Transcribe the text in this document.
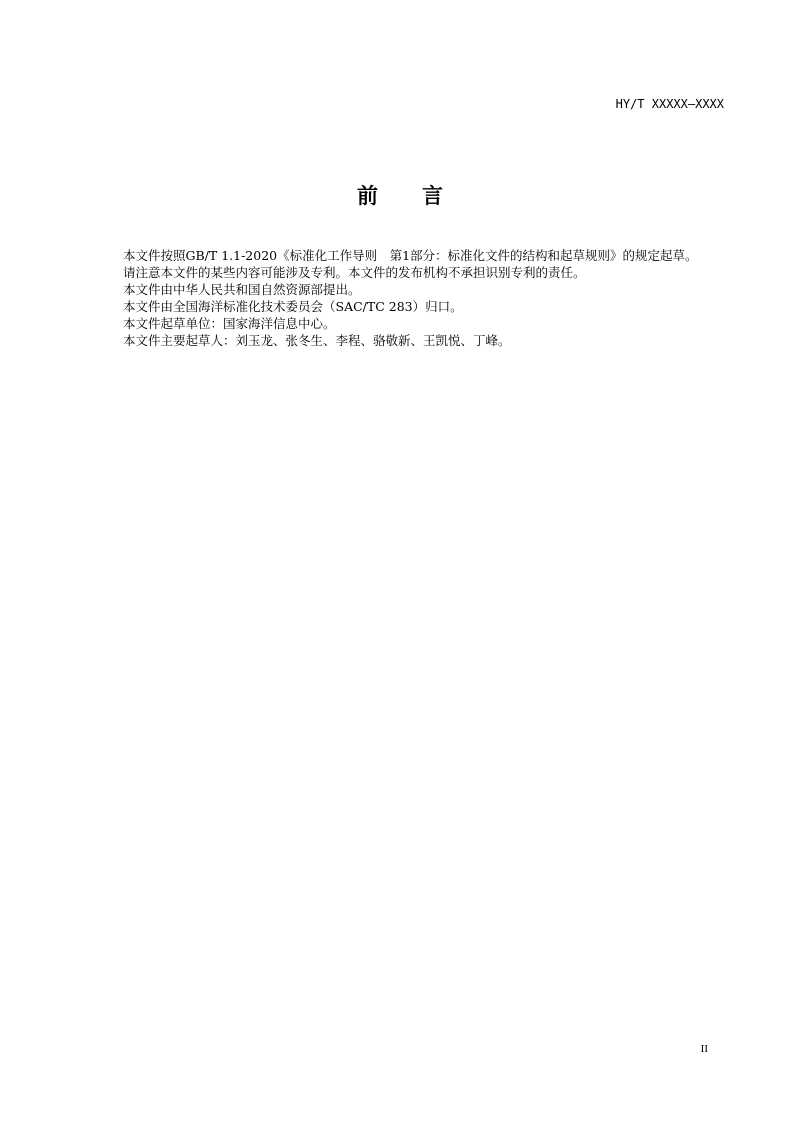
HY/T XXXXX—XXXX
前 言

本文件按照GB/T 1.1-2020《标准化工作导则　第1部分：标准化文件的结构和起草规则》的规定起草。

请注意本文件的某些内容可能涉及专利。本文件的发布机构不承担识别专利的责任。

本文件由中华人民共和国自然资源部提出。

本文件由全国海洋标准化技术委员会（SAC/TC 283）归口。

本文件起草单位：国家海洋信息中心。

本文件主要起草人：刘玉龙、张冬生、李程、骆敬新、王凯悦、丁峰。

II
